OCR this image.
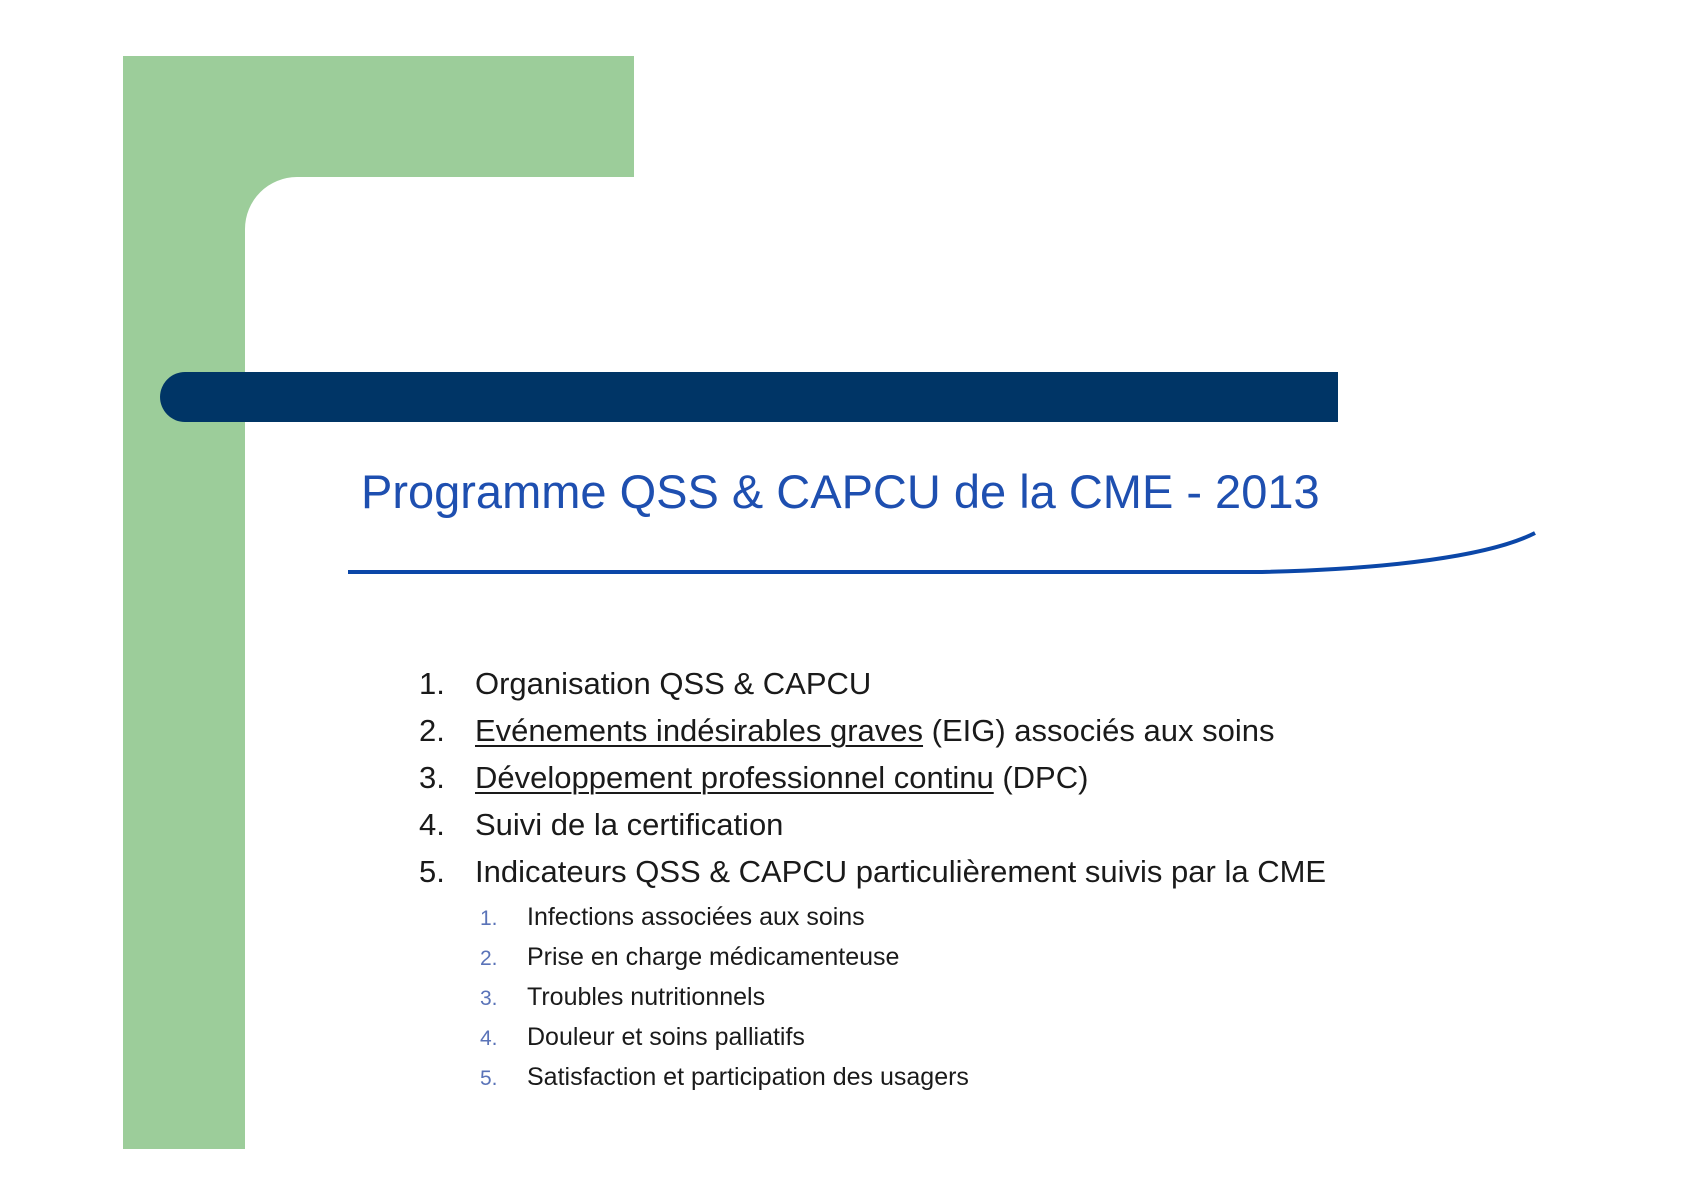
Programme QSS & CAPCU de la CME - 2013
1. Organisation QSS & CAPCU
2. Evénements indésirables graves (EIG) associés aux soins
3. Développement professionnel continu (DPC)
4. Suivi de la certification
5. Indicateurs QSS & CAPCU particulièrement suivis par la CME
1. Infections associées aux soins
2. Prise en charge médicamenteuse
3. Troubles nutritionnels
4. Douleur et soins palliatifs
5. Satisfaction et participation des usagers
